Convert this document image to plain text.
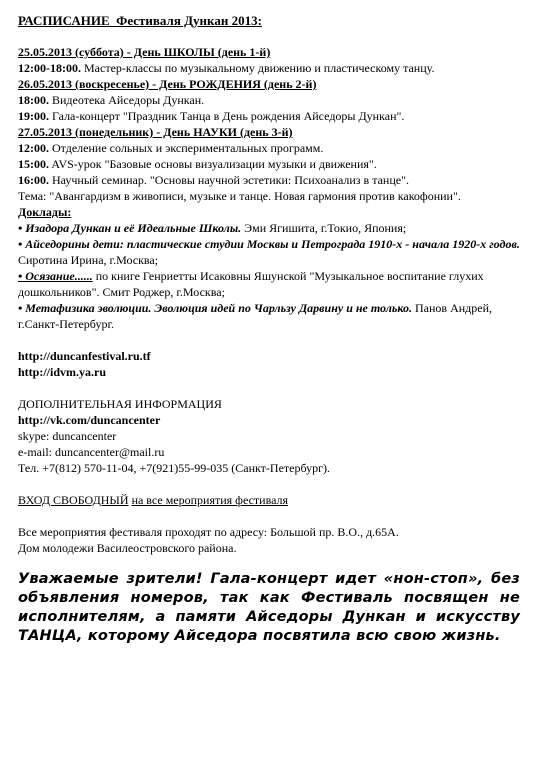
РАСПИСАНИЕ Фестиваля Дункан 2013:
25.05.2013 (суббота) - День ШКОЛЫ (день 1-й)
12:00-18:00. Мастер-классы по музыкальному движению и пластическому танцу.
26.05.2013 (воскресенье) - День РОЖДЕНИЯ (день 2-й)
18:00. Видеотека Айседоры Дункан.
19:00. Гала-концерт "Праздник Танца в День рождения Айседоры Дункан".
27.05.2013 (понедельник) - День НАУКИ (день 3-й)
12:00. Отделение сольных и экспериментальных программ.
15:00. AVS-урок "Базовые основы визуализации музыки и движения".
16:00. Научный семинар. "Основы научной эстетики: Психоанализ в танце".
Тема: "Авангардизм в живописи, музыке и танце. Новая гармония против какофонии".
Доклады:
• Изадора Дункан и её Идеальные Школы. Эми Ягишита, г.Токио, Япония;
• Айседорины дети: пластические студии Москвы и Петрограда 1910-х - начала 1920-х годов. Сиротина Ирина, г.Москва;
• Осязание...... по книге Генриетты Исаковны Яшунской "Музыкальное воспитание глухих дошкольников". Смит Роджер, г.Москва;
• Метафизика эволюции. Эволюция идей по Чарльзу Дарвину и не только. Панов Андрей, г.Санкт-Петербург.
http://duncanfestival.ru.tf
http://idvm.ya.ru
ДОПОЛНИТЕЛЬНАЯ ИНФОРМАЦИЯ
http://vk.com/duncancenter
skype: duncancenter
e-mail: duncancenter@mail.ru
Тел. +7(812) 570-11-04, +7(921)55-99-035 (Санкт-Петербург).
ВХОД СВОБОДНЫЙ на все мероприятия фестиваля
Все мероприятия фестиваля проходят по адресу: Большой пр. В.О., д.65А.
Дом молодежи Василеостровского района.
Уважаемые зрители! Гала-концерт идет «нон-стоп», без объявления номеров, так как Фестиваль посвящен не исполнителям, а памяти Айседоры Дункан и искусству ТАНЦА, которому Айседора посвятила всю свою жизнь.
